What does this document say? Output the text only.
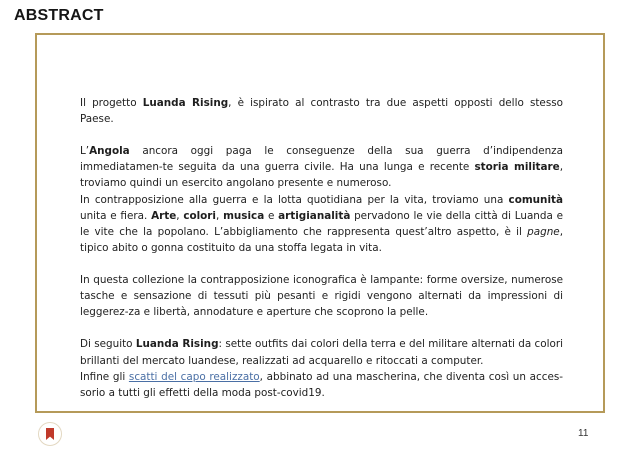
ABSTRACT

Il progetto Luanda Rising, è ispirato al contrasto tra due aspetti opposti dello stesso Paese.

L’Angola ancora oggi paga le conseguenze della sua guerra d’indipendenza immediatamen-te seguita da una guerra civile. Ha una lunga e recente storia militare, troviamo quindi un esercito angolano presente e numeroso.

In contrapposizione alla guerra e la lotta quotidiana per la vita, troviamo una comunità unita e fiera. Arte, colori, musica e artigianalità pervadono le vie della città di Luanda e le vite che la popolano. L’abbigliamento che rappresenta quest’altro aspetto, è il pagne, tipico abito o gonna costituito da una stoffa legata in vita.

In questa collezione la contrapposizione iconografica è lampante: forme oversize, numerose tasche e sensazione di tessuti più pesanti e rigidi vengono alternati da impressioni di leggerez-za e libertà, annodature e aperture che scoprono la pelle.

Di seguito Luanda Rising: sette outfits dai colori della terra e del militare alternati da colori brillanti del mercato luandese, realizzati ad acquarello e ritoccati a computer.

Infine gli scatti del capo realizzato, abbinato ad una mascherina, che diventa così un acces-sorio a tutti gli effetti della moda post-covid19.

11
